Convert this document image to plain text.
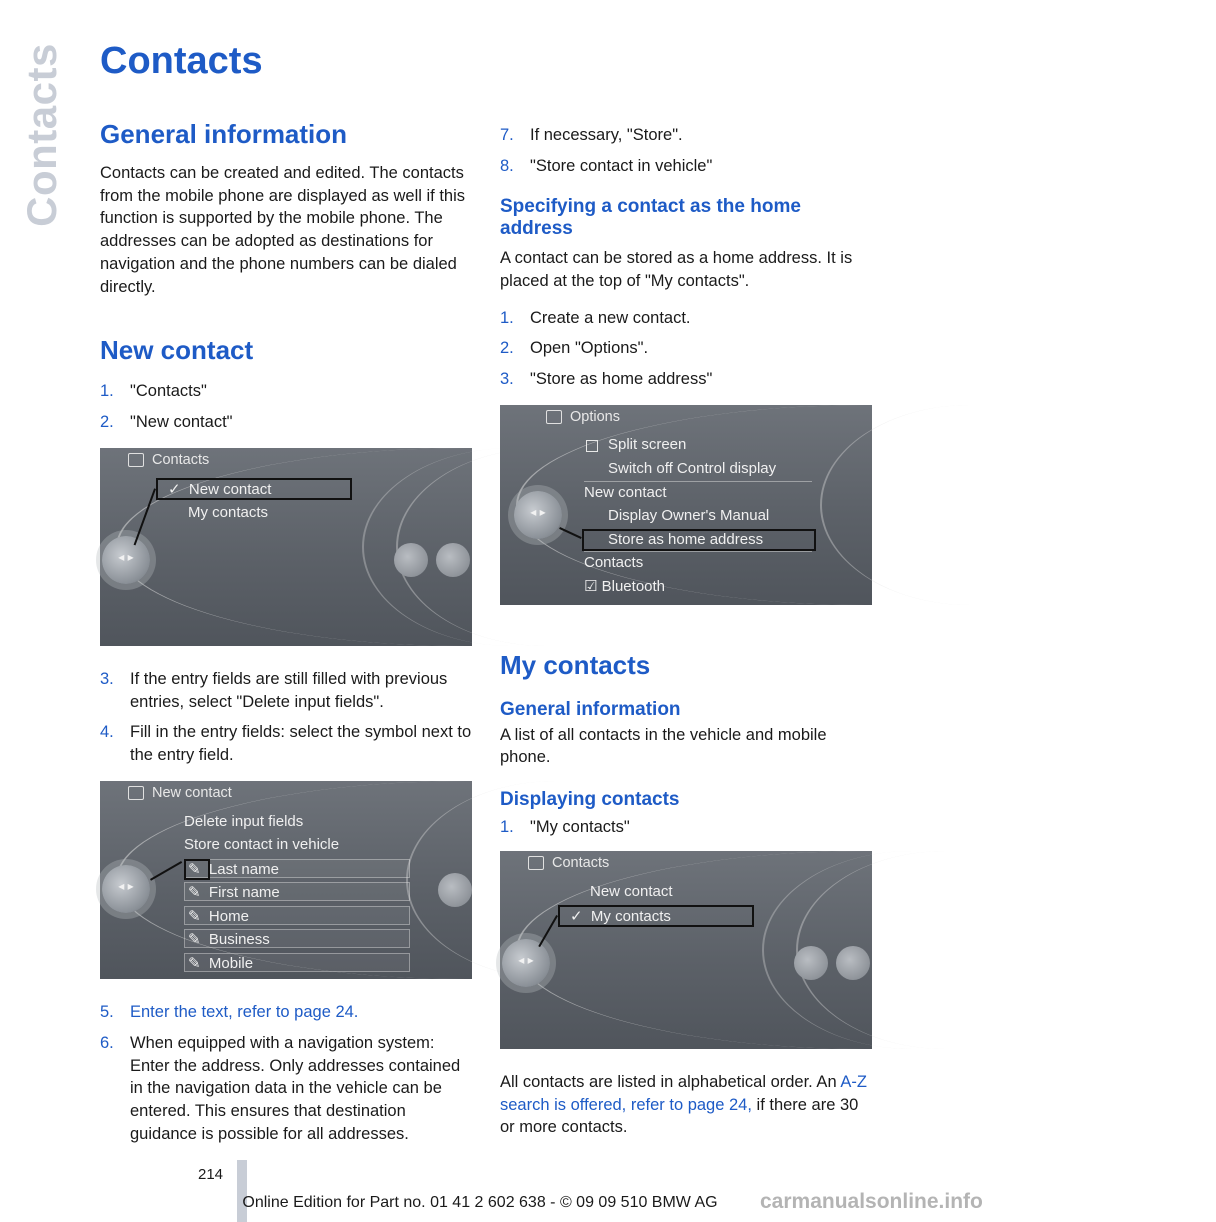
Contacts Contacts
General information

Contacts can be created and edited. The contacts from the mobile phone are displayed as well if this function is supported by the mobile phone. The addresses can be adopted as destinations for navigation and the phone numbers can be dialed directly.

New contact
1. "Contacts"
2. "New contact"
Contacts
◂ ▸
✓  New contact
My contacts
3. If the entry fields are still filled with previous entries, select "Delete input fields".
4. Fill in the entry fields: select the symbol next to the entry field.
New contact
◂ ▸
Delete input fields
Store contact in vehicle
✎  Last name
✎  First name
✎  Home
✎  Business
✎  Mobile
5. Enter the text, refer to page 24.
6. When equipped with a navigation system: Enter the address. Only addresses contained in the navigation data in the vehicle can be entered. This ensures that destination guidance is possible for all addresses.
7. If necessary, "Store".
8. "Store contact in vehicle"
Specifying a contact as the home address

A contact can be stored as a home address. It is placed at the top of "My contacts".

1. Create a new contact.
2. Open "Options".
3. "Store as home address"
Options
◂ ▸
Split screen
Switch off Control display
New contact
Display Owner's Manual
Store as home address
Contacts
☑ Bluetooth
My contacts
General information

A list of all contacts in the vehicle and mobile phone.

Displaying contacts
1. "My contacts"
Contacts
◂ ▸
New contact
✓  My contacts

All contacts are listed in alphabetical order. An A-Z search is offered, refer to page 24, if there are 30 or more contacts.

214
Online Edition for Part no. 01 41 2 602 638 - © 09 09 510 BMW AG	carmanualsonline.info
